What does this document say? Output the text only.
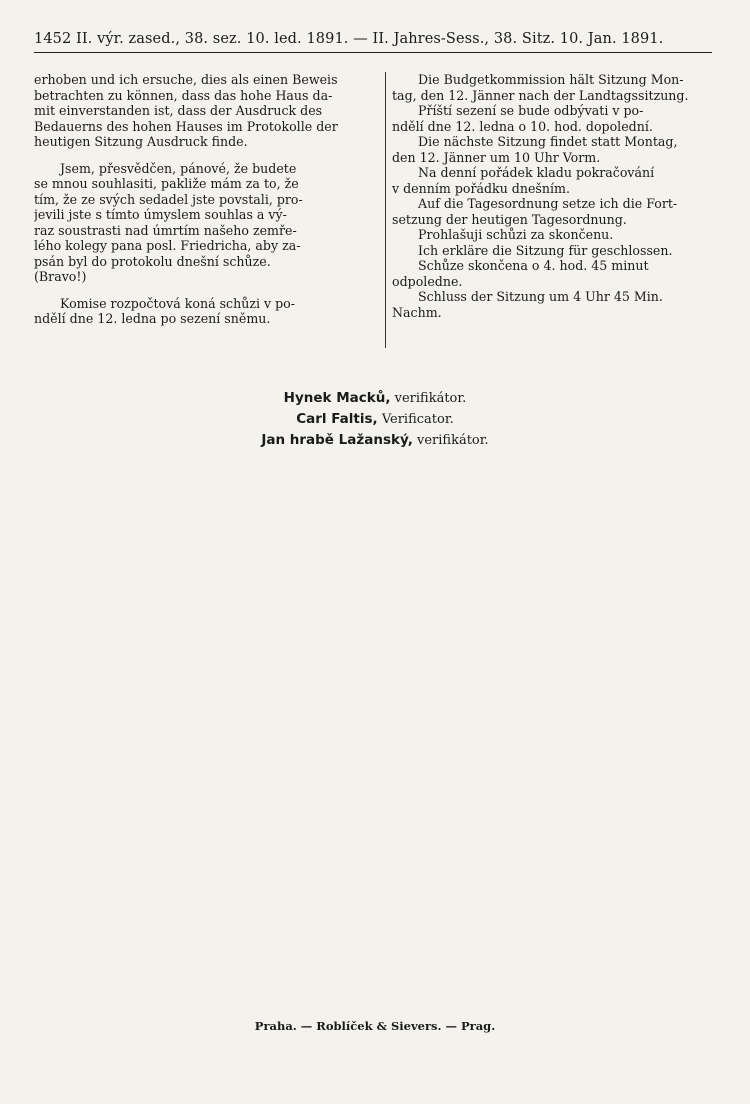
1452 II. výr. zased., 38. sez. 10. led. 1891. — II. Jahres-Sess., 38. Sitz. 10. Jan. 1891.
erhoben und ich ersuche, dies als einen Beweis
betrachten zu können, dass das hohe Haus da-
mit einverstanden ist, dass der Ausdruck des
Bedauerns des hohen Hauses im Protokolle der
heutigen Sitzung Ausdruck finde.
Jsem, přesvědčen, pánové, že budete
se mnou souhlasiti, pakliže mám za to, že
tím, že ze svých sedadel jste povstali, pro-
jevili jste s tímto úmyslem souhlas a vý-
raz soustrasti nad úmrtím našeho zemře-
lého kolegy pana posl. Friedricha, aby za-
psán byl do protokolu dnešní schůze.
(Bravo!)
Komise rozpočtová koná schůzi v po-
ndělí dne 12. ledna po sezení sněmu.
Die Budgetkommission hält Sitzung Mon-
tag, den 12. Jänner nach der Landtagssitzung.
Příští sezení se bude odbývati v po-
ndělí dne 12. ledna o 10. hod. dopolední.
Die nächste Sitzung findet statt Montag,
den 12. Jänner um 10 Uhr Vorm.
Na denní pořádek kladu pokračování
v denním pořádku dnešním.
Auf die Tagesordnung setze ich die Fort-
setzung der heutigen Tagesordnung.
Prohlašuji schůzi za skončenu.
Ich erkläre die Sitzung für geschlossen.
Schůze skončena o 4. hod. 45 minut
odpoledne.
Schluss der Sitzung um 4 Uhr 45 Min.
Nachm.
Hynek Macků, verifikátor.
Carl Faltis, Verificator.
Jan hrabě Lažanský, verifikátor.
Praha. — Roblíček & Sievers. — Prag.
